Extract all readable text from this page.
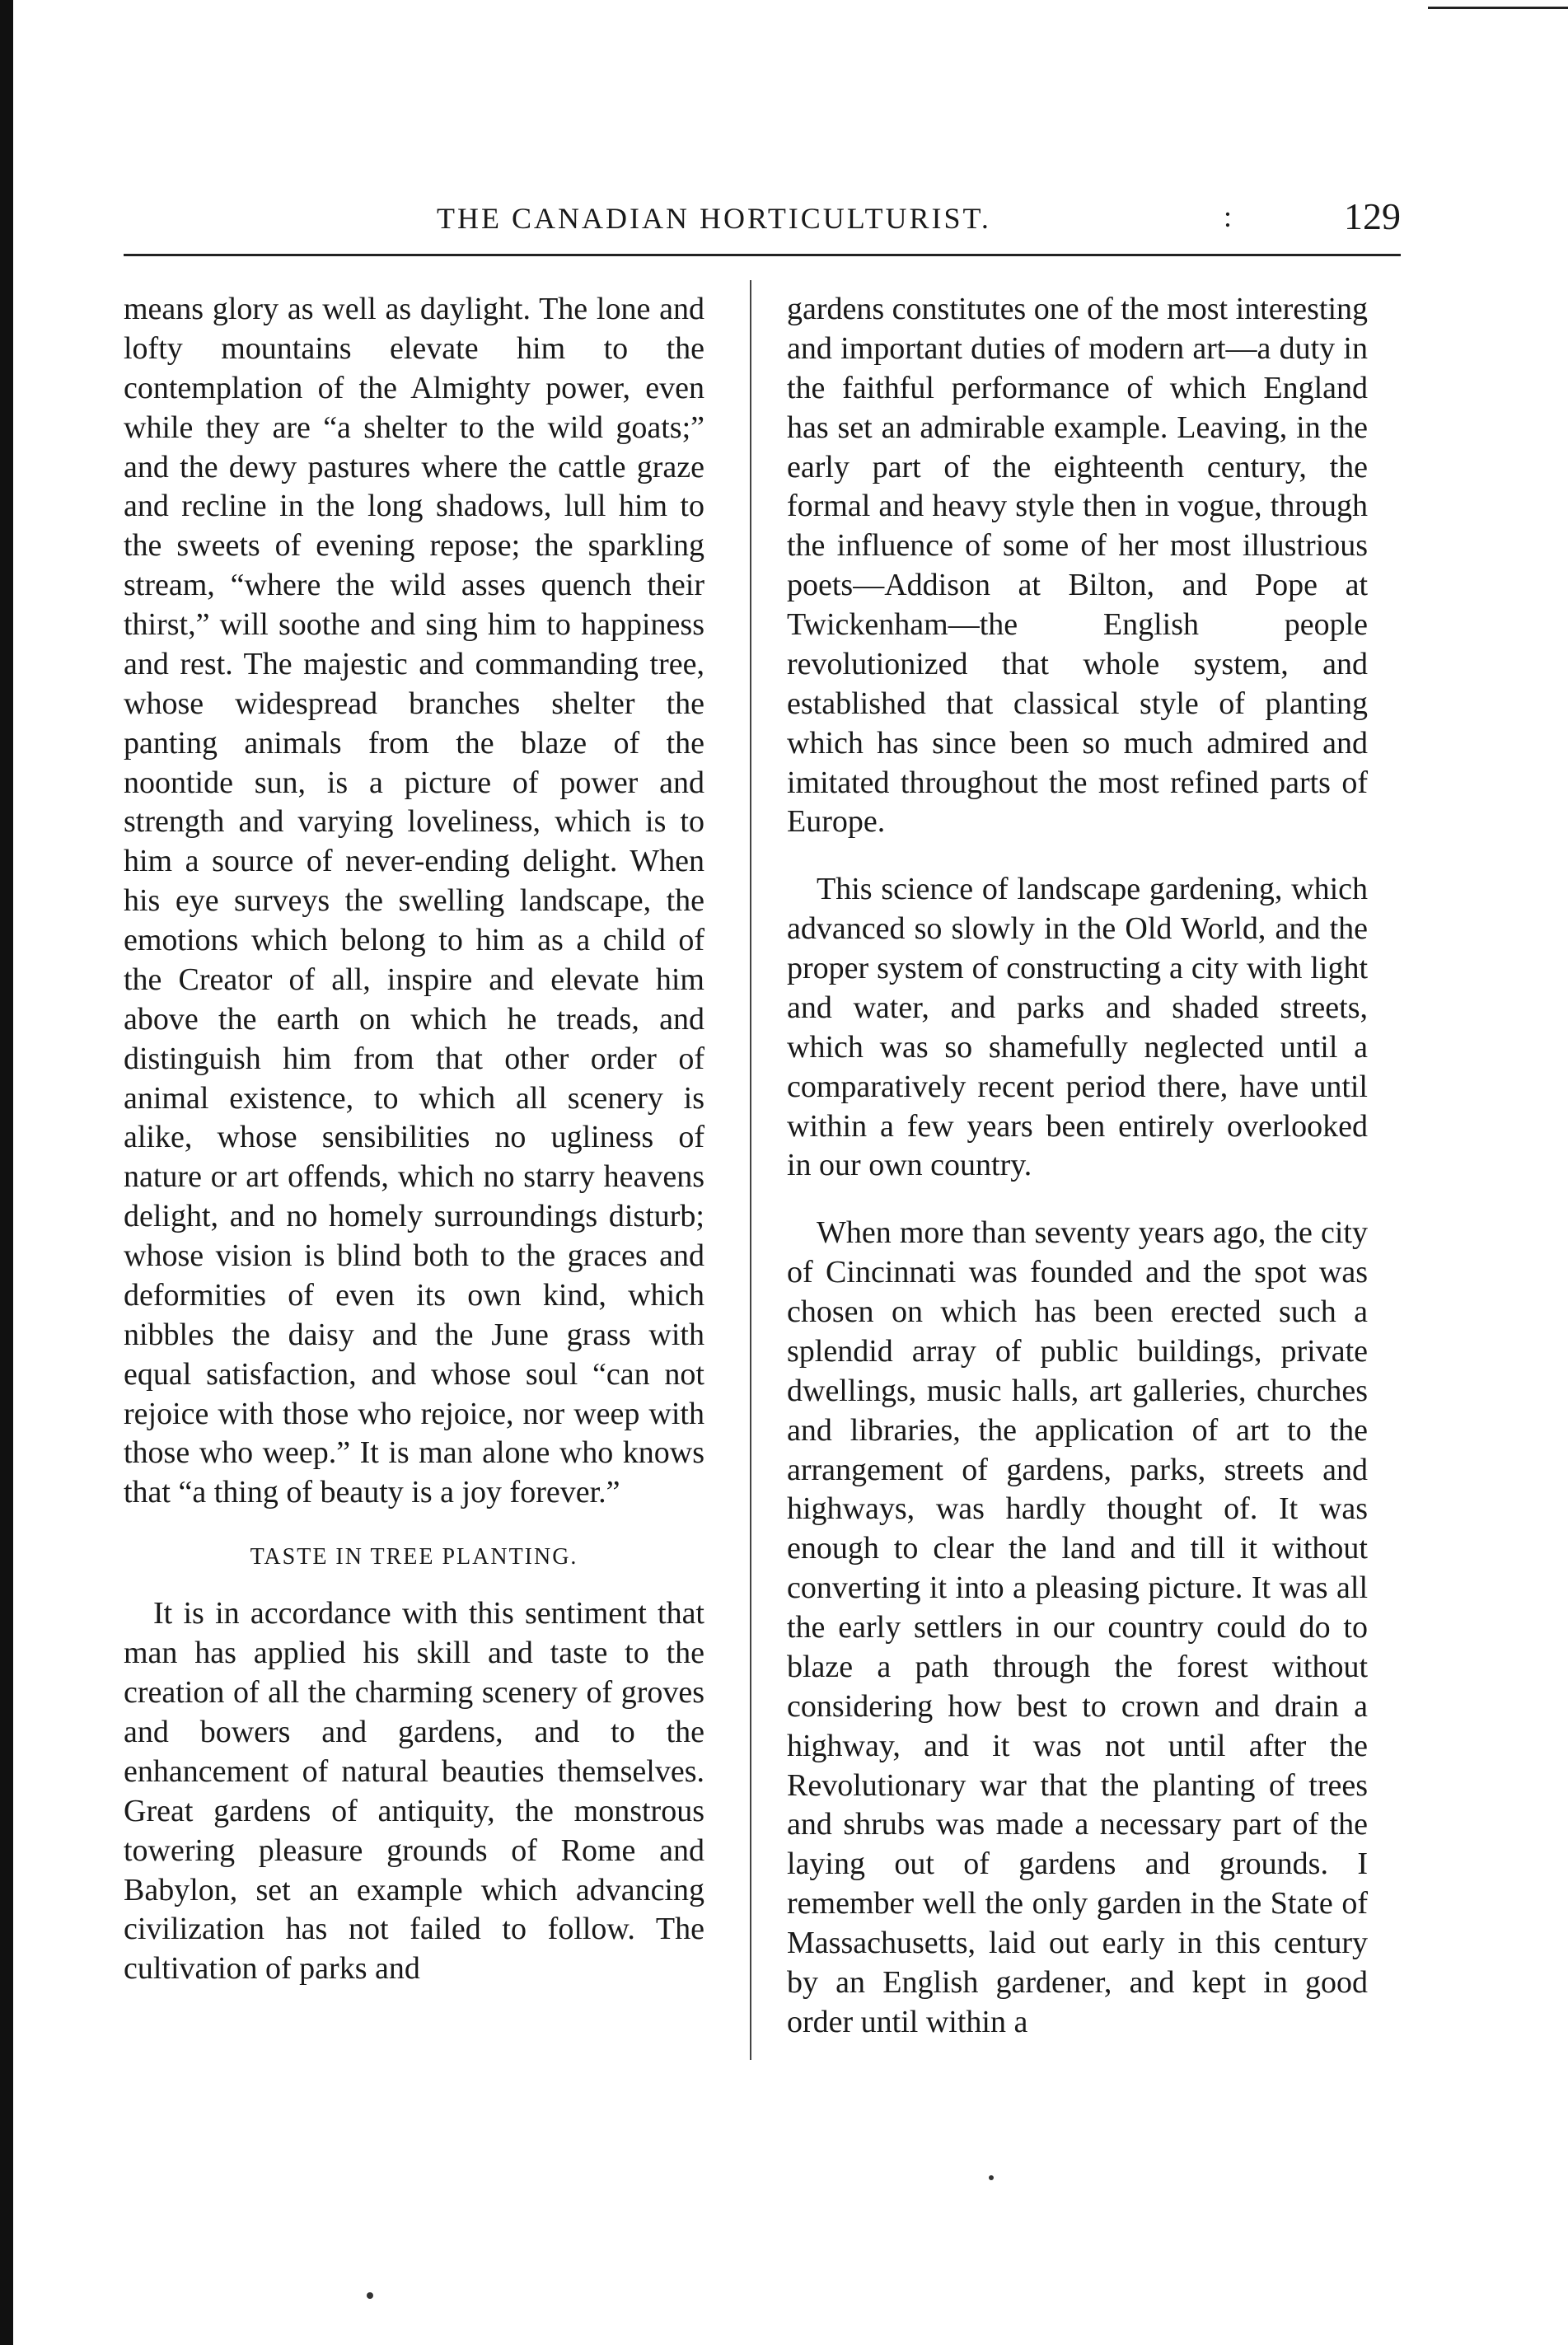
THE CANADIAN HORTICULTURIST.	:	129

means glory as well as daylight. The lone and lofty mountains elevate him to the contemplation of the Almighty power, even while they are “a shelter to the wild goats;” and the dewy pastures where the cattle graze and recline in the long shadows, lull him to the sweets of evening repose; the sparkling stream, “where the wild asses quench their thirst,” will soothe and sing him to happiness and rest. The majestic and commanding tree, whose widespread branches shelter the panting animals from the blaze of the noontide sun, is a picture of power and strength and varying loveliness, which is to him a source of never-ending delight. When his eye surveys the swelling landscape, the emotions which belong to him as a child of the Creator of all, inspire and elevate him above the earth on which he treads, and distinguish him from that other order of animal existence, to which all scenery is alike, whose sensibilities no ugliness of nature or art offends, which no starry heavens delight, and no homely surroundings disturb; whose vision is blind both to the graces and deformities of even its own kind, which nibbles the daisy and the June grass with equal satisfaction, and whose soul “can not rejoice with those who rejoice, nor weep with those who weep.” It is man alone who knows that “a thing of beauty is a joy forever.”

TASTE IN TREE PLANTING.

It is in accordance with this sentiment that man has applied his skill and taste to the creation of all the charming scenery of groves and bowers and gardens, and to the enhancement of natural beauties themselves. Great gardens of antiquity, the monstrous towering pleasure grounds of Rome and Babylon, set an example which advancing civilization has not failed to follow. The cultivation of parks and

gardens constitutes one of the most interesting and important duties of modern art—a duty in the faithful performance of which England has set an admirable example. Leaving, in the early part of the eighteenth century, the formal and heavy style then in vogue, through the influence of some of her most illustrious poets—Addison at Bilton, and Pope at Twickenham—the English people revolutionized that whole system, and established that classical style of planting which has since been so much admired and imitated throughout the most refined parts of Europe.

This science of landscape gardening, which advanced so slowly in the Old World, and the proper system of constructing a city with light and water, and parks and shaded streets, which was so shamefully neglected until a comparatively recent period there, have until within a few years been entirely overlooked in our own country.

When more than seventy years ago, the city of Cincinnati was founded and the spot was chosen on which has been erected such a splendid array of public buildings, private dwellings, music halls, art galleries, churches and libraries, the application of art to the arrangement of gardens, parks, streets and highways, was hardly thought of. It was enough to clear the land and till it without converting it into a pleasing picture. It was all the early settlers in our country could do to blaze a path through the forest without considering how best to crown and drain a highway, and it was not until after the Revolutionary war that the planting of trees and shrubs was made a necessary part of the laying out of gardens and grounds. I remember well the only garden in the State of Massachusetts, laid out early in this century by an English gardener, and kept in good order until within a
